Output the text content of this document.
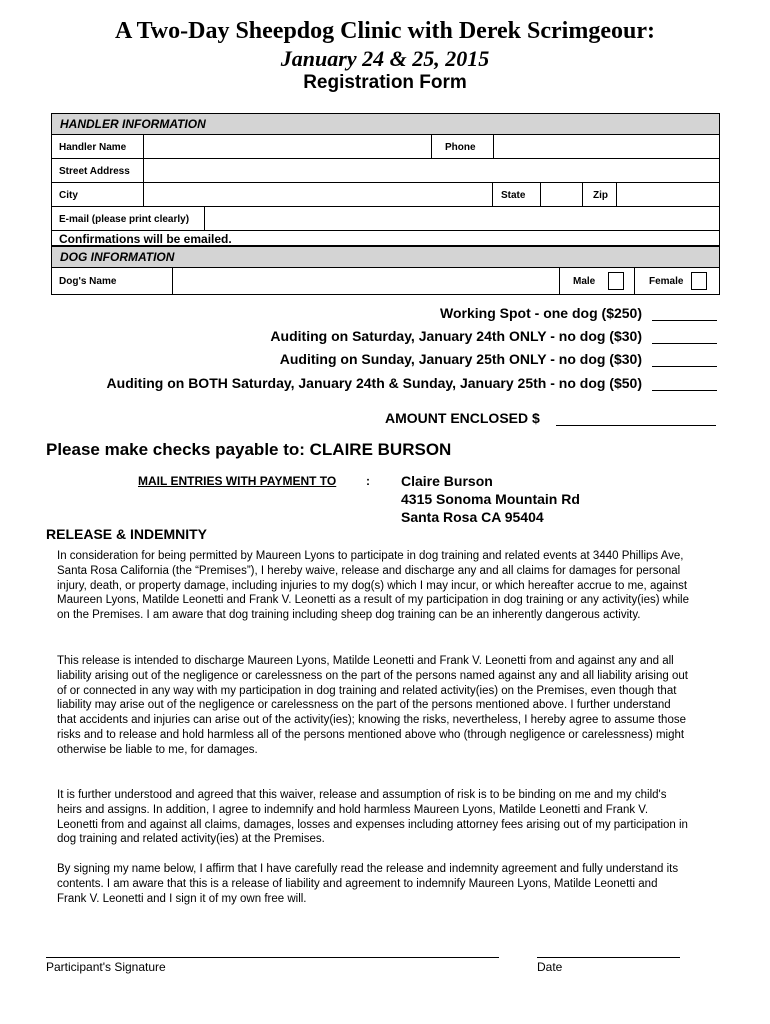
A Two-Day Sheepdog Clinic with Derek Scrimgeour:
January 24 & 25, 2015
Registration Form
HANDLER INFORMATION
Handler Name	Phone
Street Address
City	State	Zip
E-mail (please print clearly)
Confirmations will be emailed.
DOG INFORMATION
Dog's Name	Male	Female
Working Spot - one dog ($250)
Auditing on Saturday, January 24th ONLY - no dog ($30)
Auditing on Sunday, January 25th ONLY - no dog ($30)
Auditing on BOTH Saturday, January 24th & Sunday, January 25th - no dog ($50)
AMOUNT ENCLOSED $
Please make checks payable to: CLAIRE BURSON
MAIL ENTRIES WITH PAYMENT TO : Claire Burson
4315 Sonoma Mountain Rd
Santa Rosa CA 95404
RELEASE & INDEMNITY
In consideration for being permitted by Maureen Lyons to participate in dog training and related events at 3440 Phillips Ave, Santa Rosa California (the “Premises”), I hereby waive, release and discharge any and all claims for damages for personal injury, death, or property damage, including injuries to my dog(s) which I may incur, or which hereafter accrue to me, against Maureen Lyons, Matilde Leonetti and Frank V. Leonetti as a result of my participation in dog training or any activity(ies) while on the Premises. I am aware that dog training including sheep dog training can be an inherently dangerous activity.
This release is intended to discharge Maureen Lyons, Matilde Leonetti and Frank V. Leonetti from and against any and all liability arising out of the negligence or carelessness on the part of the persons named against any and all liability arising out of or connected in any way with my participation in dog training and related activity(ies) on the Premises, even though that liability may arise out of the negligence or carelessness on the part of the persons mentioned above. I further understand that accidents and injuries can arise out of the activity(ies); knowing the risks, nevertheless, I hereby agree to assume those risks and to release and hold harmless all of the persons mentioned above who (through negligence or carelessness) might otherwise be liable to me, for damages.
It is further understood and agreed that this waiver, release and assumption of risk is to be binding on me and my child's heirs and assigns. In addition, I agree to indemnify and hold harmless Maureen Lyons, Matilde Leonetti and Frank V. Leonetti from and against all claims, damages, losses and expenses including attorney fees arising out of my participation in dog training and related activity(ies) at the Premises.
By signing my name below, I affirm that I have carefully read the release and indemnity agreement and fully understand its contents. I am aware that this is a release of liability and agreement to indemnify Maureen Lyons, Matilde Leonetti and Frank V. Leonetti and I sign it of my own free will.
Participant's Signature	Date
